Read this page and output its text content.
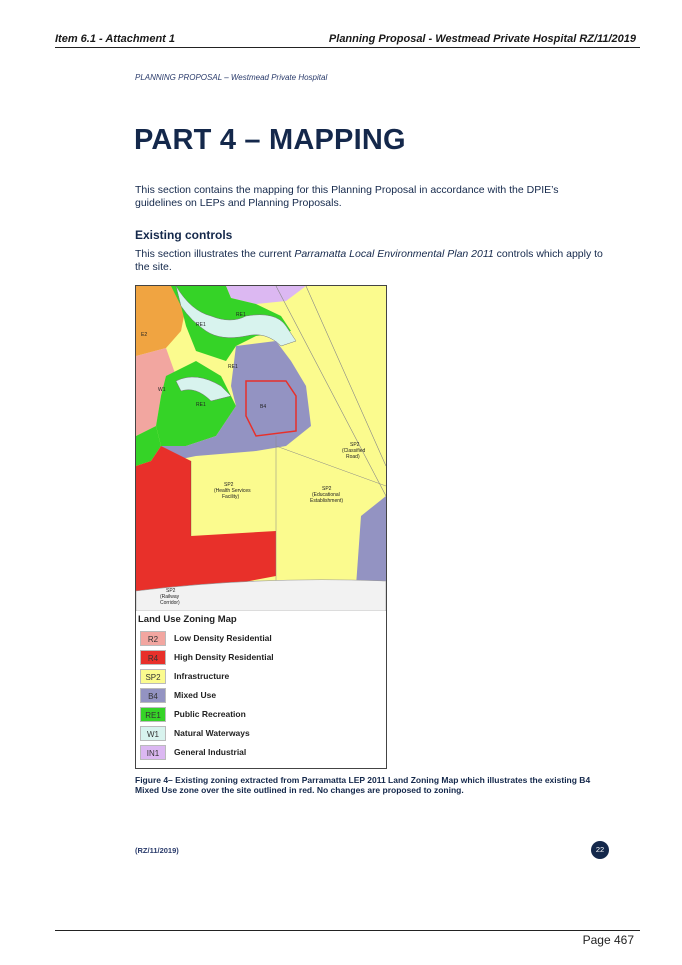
Item 6.1 - Attachment 1	Planning Proposal - Westmead Private Hospital RZ/11/2019
PLANNING PROPOSAL – Westmead Private Hospital
PART 4 – MAPPING
This section contains the mapping for this Planning Proposal in accordance with the DPIE’s guidelines on LEPs and Planning Proposals.
Existing controls
This section illustrates the current Parramatta Local Environmental Plan 2011 controls which apply to the site.
E2
RE1
RE1
RE1
RE1
W1
B4
SP2
(Classified
Road)
SP2
(Health Services
Facility)
SP2
(Educational
Establishment)
SP2
(Railway
Corridor)
Land Use Zoning Map
R2	Low Density Residential
R4	High Density Residential
SP2	Infrastructure
B4	Mixed Use
RE1	Public Recreation
W1	Natural Waterways
IN1	General Industrial
Figure 4– Existing zoning extracted from Parramatta LEP 2011 Land Zoning Map which illustrates the existing B4 Mixed Use zone over the site outlined in red. No changes are proposed to zoning.
(RZ/11/2019)	22
Page 467
